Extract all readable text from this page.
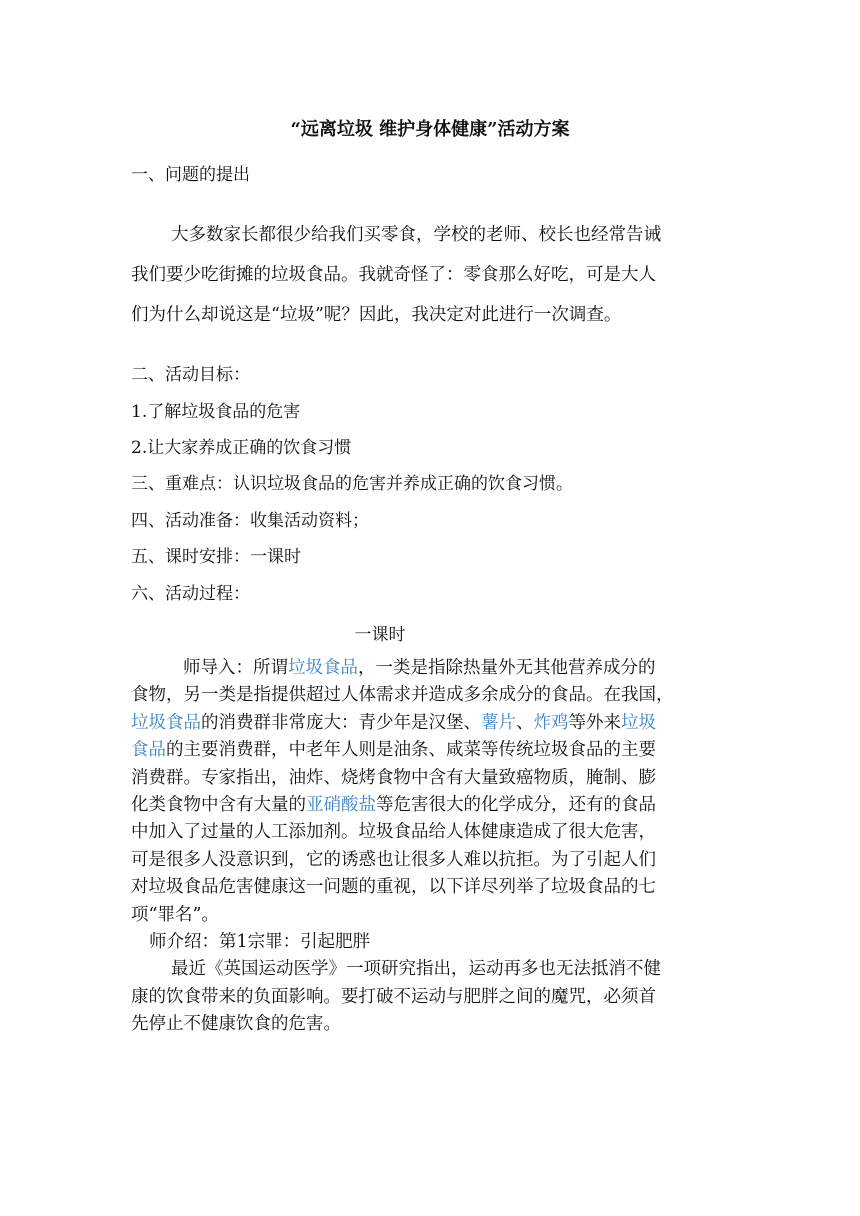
“远离垃圾 维护身体健康”活动方案
一、问题的提出
大多数家长都很少给我们买零食，学校的老师、校长也经常告诫
我们要少吃街摊的垃圾食品。我就奇怪了：零食那么好吃，可是大人
们为什么却说这是“垃圾”呢？因此，我决定对此进行一次调查。
二、活动目标：
1.了解垃圾食品的危害
2.让大家养成正确的饮食习惯
三、重难点：认识垃圾食品的危害并养成正确的饮食习惯。
四、活动准备：收集活动资料；
五、课时安排：一课时
六、活动过程：
一课时
师导入：所谓垃圾食品，一类是指除热量外无其他营养成分的
食物，另一类是指提供超过人体需求并造成多余成分的食品。在我国，
垃圾食品的消费群非常庞大：青少年是汉堡、薯片、炸鸡等外来垃圾
食品的主要消费群，中老年人则是油条、咸菜等传统垃圾食品的主要
消费群。专家指出，油炸、烧烤食物中含有大量致癌物质，腌制、膨
化类食物中含有大量的亚硝酸盐等危害很大的化学成分，还有的食品
中加入了过量的人工添加剂。垃圾食品给人体健康造成了很大危害，
可是很多人没意识到，它的诱惑也让很多人难以抗拒。为了引起人们
对垃圾食品危害健康这一问题的重视，以下详尽列举了垃圾食品的七
项“罪名”。
师介绍：第1宗罪：引起肥胖
最近《英国运动医学》一项研究指出，运动再多也无法抵消不健
康的饮食带来的负面影响。要打破不运动与肥胖之间的魔咒，必须首
先停止不健康饮食的危害。
